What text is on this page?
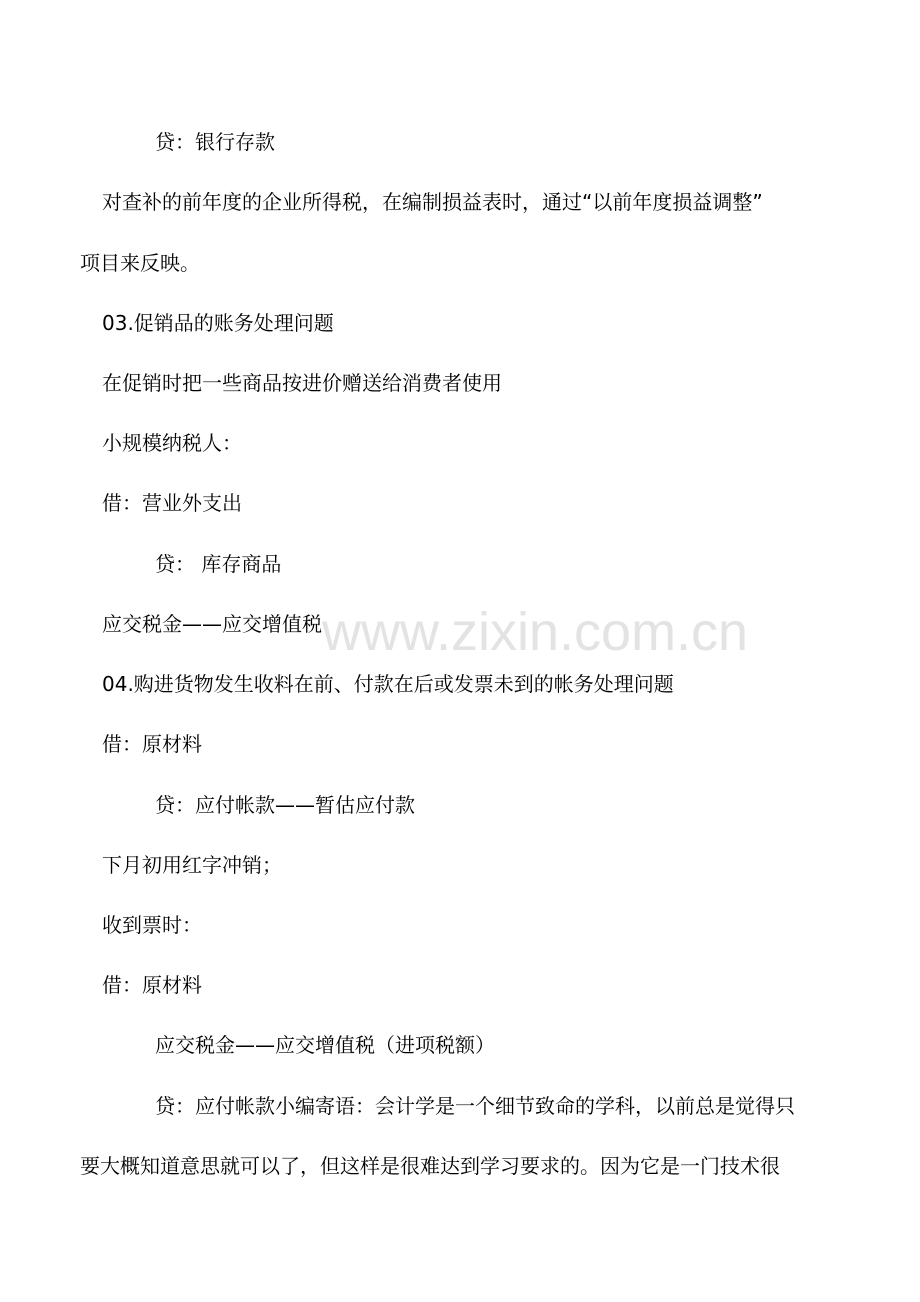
www.zixin.com.cn
贷：银行存款
对查补的前年度的企业所得税，在编制损益表时，通过“以前年度损益调整”
项目来反映。
03.促销品的账务处理问题
在促销时把一些商品按进价赠送给消费者使用
小规模纳税人：
借：营业外支出
贷： 库存商品
应交税金——应交增值税
04.购进货物发生收料在前、付款在后或发票未到的帐务处理问题
借：原材料
贷：应付帐款——暂估应付款
下月初用红字冲销；
收到票时：
借：原材料
应交税金——应交增值税（进项税额）
贷：应付帐款小编寄语：会计学是一个细节致命的学科，以前总是觉得只
要大概知道意思就可以了，但这样是很难达到学习要求的。因为它是一门技术很
